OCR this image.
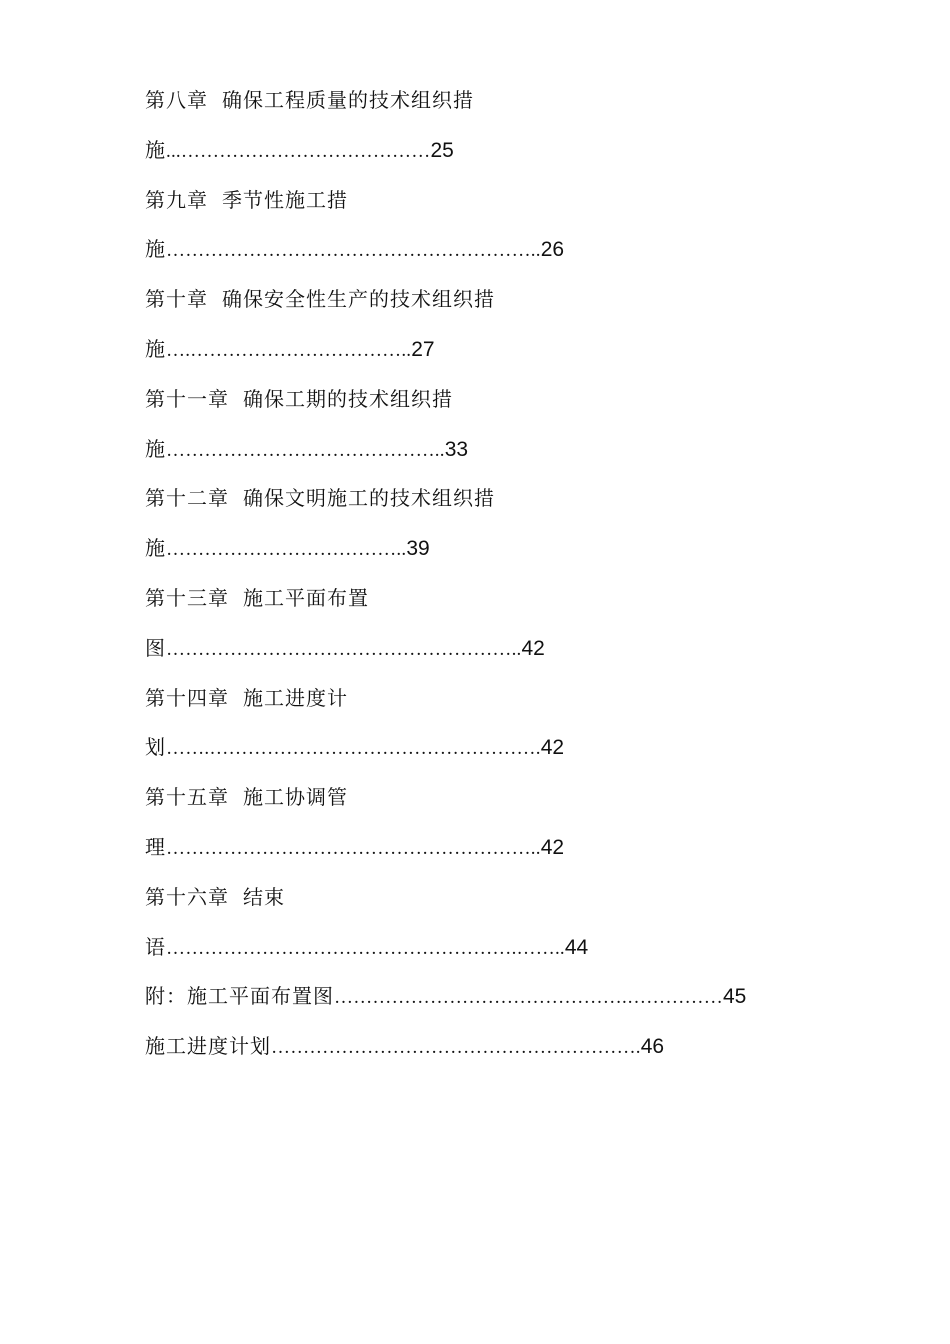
第八章 确保工程质量的技术组织措
施...…………………………………25
第九章 季节性施工措
施…………………………………………………..26
第十章 确保安全性生产的技术组织措
施….……………………………..27
第十一章 确保工期的技术组织措
施……………………………………..33
第十二章 确保文明施工的技术组织措
施………………………………..39
第十三章 施工平面布置
图………………………………………………..42
第十四章 施工进度计
划…….…………………………………………….42
第十五章 施工协调管
理…………………………………………………..42
第十六章 结束
语……………………………………………….……..44
附：施工平面布置图……………………………………….……………45
施工进度计划………………………………………………….46
